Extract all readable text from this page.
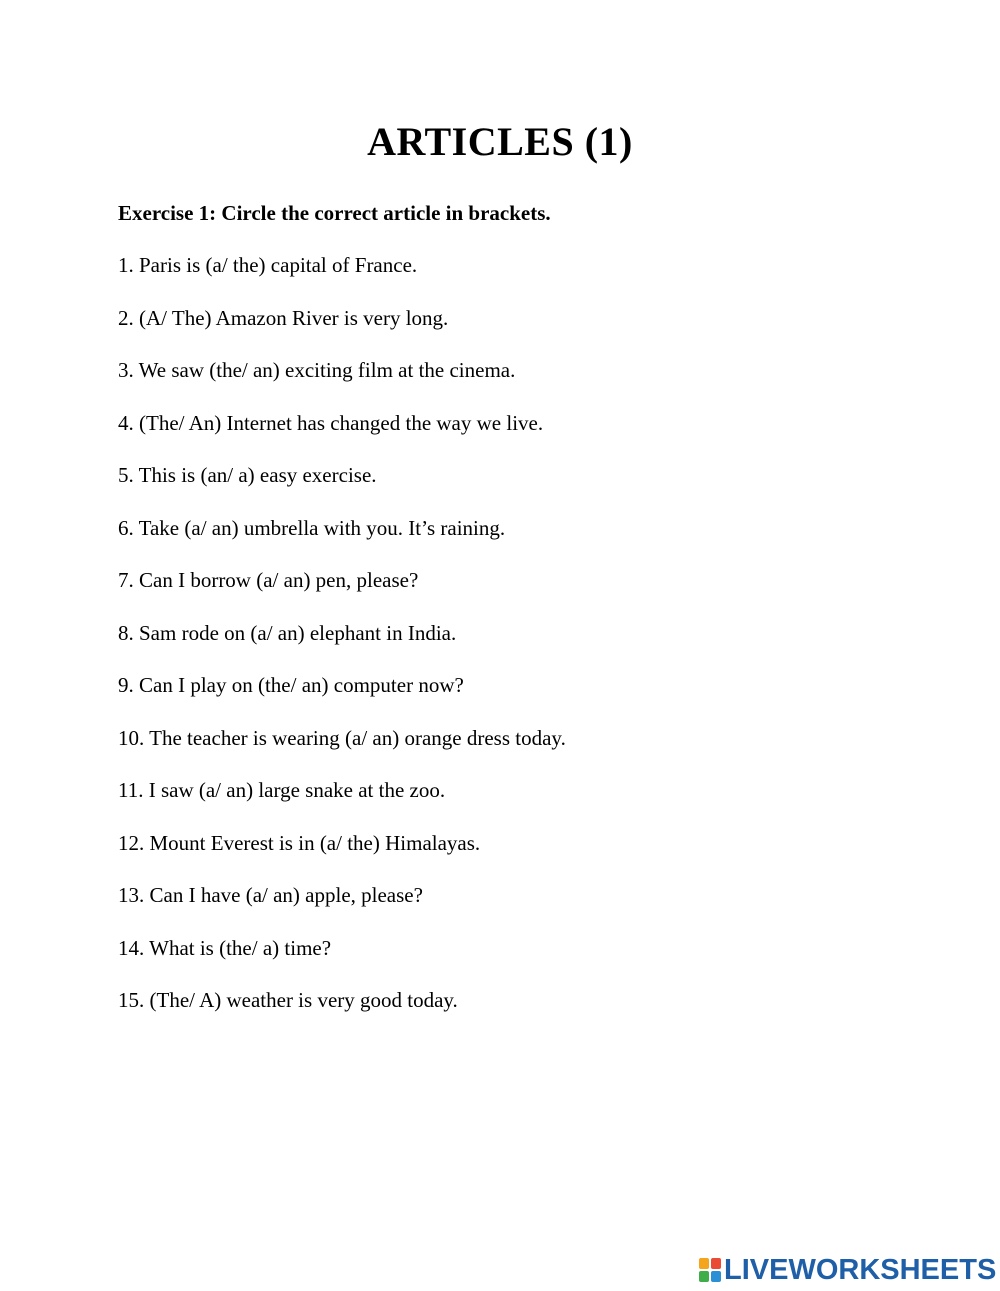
ARTICLES (1)
Exercise 1: Circle the correct article in brackets.
1. Paris is (a/ the) capital of France.
2. (A/ The) Amazon River is very long.
3. We saw (the/ an) exciting film at the cinema.
4. (The/ An) Internet has changed the way we live.
5. This is (an/ a) easy exercise.
6. Take (a/ an) umbrella with you. It’s raining.
7. Can I borrow (a/ an) pen, please?
8. Sam rode on (a/ an) elephant in India.
9. Can I play on (the/ an) computer now?
10. The teacher is wearing (a/ an) orange dress today.
11. I saw (a/ an) large snake at the zoo.
12. Mount Everest is in (a/ the) Himalayas.
13. Can I have (a/ an) apple, please?
14. What is (the/ a) time?
15. (The/ A) weather is very good today.
LIVEWORKSHEETS
